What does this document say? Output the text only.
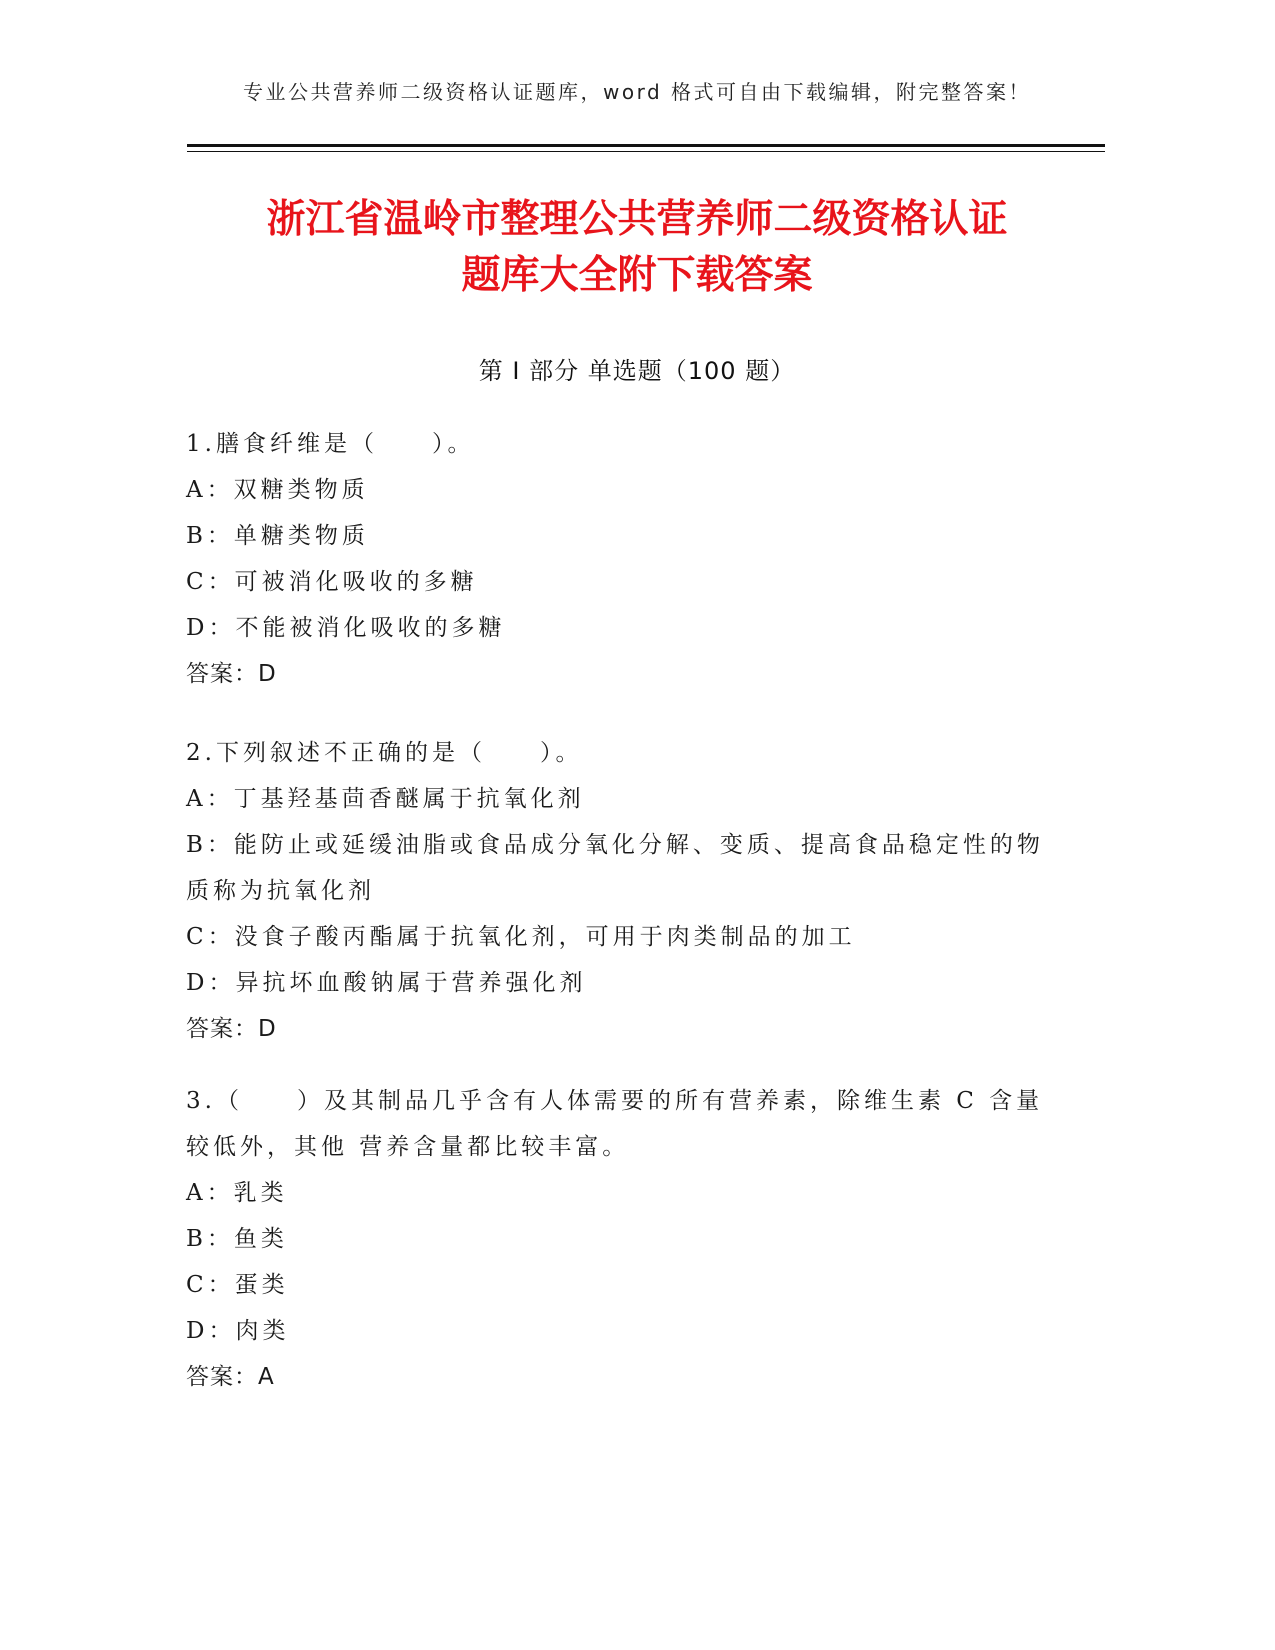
专业公共营养师二级资格认证题库，word 格式可自由下载编辑，附完整答案！
浙江省温岭市整理公共营养师二级资格认证
题库大全附下载答案
第 I 部分 单选题（100 题）
1.膳食纤维是（　　）。
A：双糖类物质
B：单糖类物质
C：可被消化吸收的多糖
D：不能被消化吸收的多糖
答案：D
2.下列叙述不正确的是（　　）。
A：丁基羟基茴香醚属于抗氧化剂
B：能防止或延缓油脂或食品成分氧化分解、变质、提高食品稳定性的物质称为抗氧化剂
C：没食子酸丙酯属于抗氧化剂，可用于肉类制品的加工
D：异抗坏血酸钠属于营养强化剂
答案：D
3.（　　）及其制品几乎含有人体需要的所有营养素，除维生素 C 含量较低外，其他 营养含量都比较丰富。
A：乳类
B：鱼类
C：蛋类
D：肉类
答案：A
